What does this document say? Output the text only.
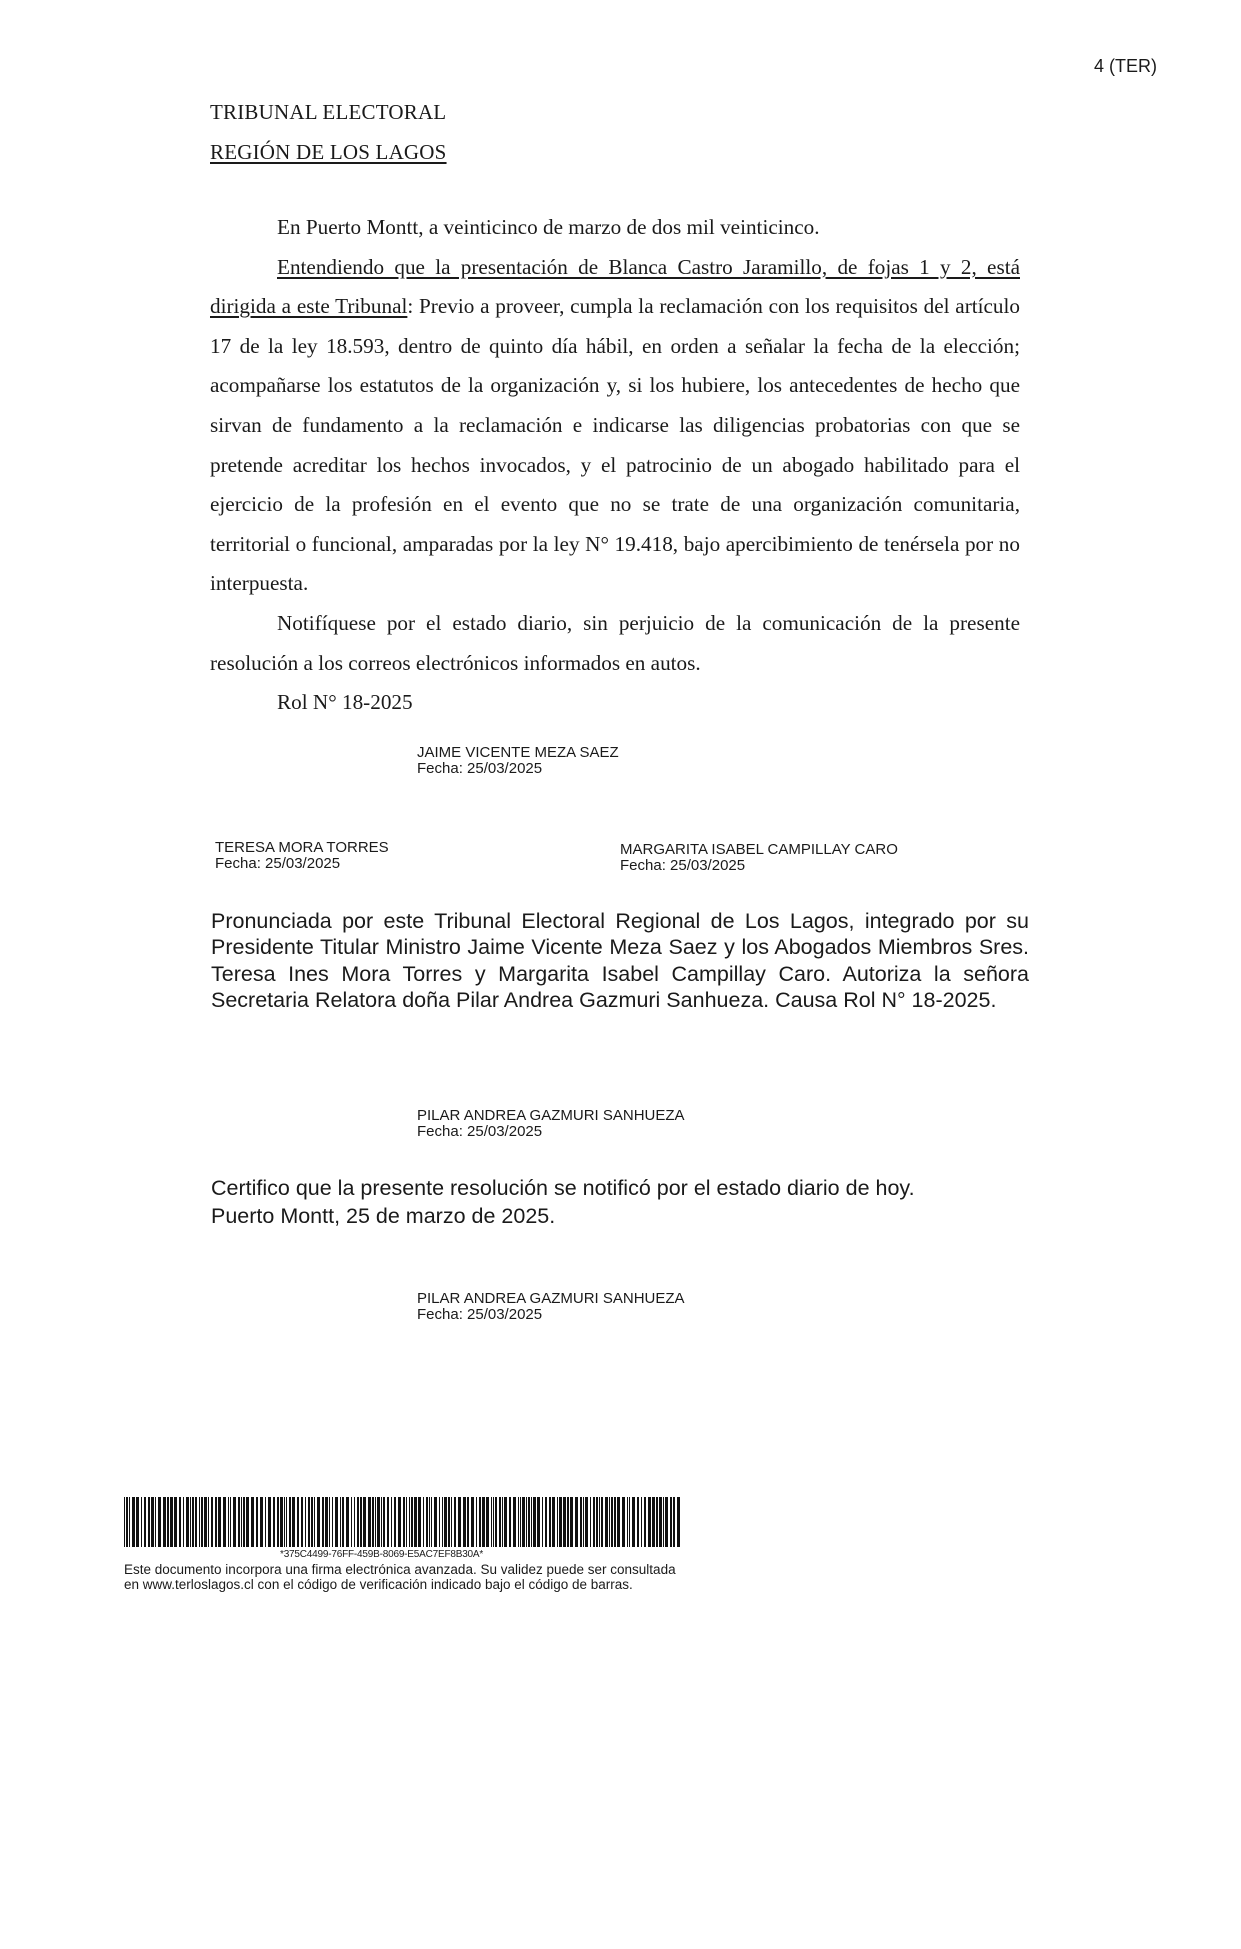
4 (TER)
TRIBUNAL ELECTORAL
REGIÓN DE LOS LAGOS

En Puerto Montt, a veinticinco de marzo de dos mil veinticinco.

Entendiendo que la presentación de Blanca Castro Jaramillo, de fojas 1 y 2, está dirigida a este Tribunal: Previo a proveer, cumpla la reclamación con los requisitos del artículo 17 de la ley 18.593, dentro de quinto día hábil, en orden a señalar la fecha de la elección; acompañarse los estatutos de la organización y, si los hubiere, los antecedentes de hecho que sirvan de fundamento a la reclamación e indicarse las diligencias probatorias con que se pretende acreditar los hechos invocados, y el patrocinio de un abogado habilitado para el ejercicio de la profesión en el evento que no se trate de una organización comunitaria, territorial o funcional, amparadas por la ley N° 19.418, bajo apercibimiento de tenérsela por no interpuesta.

Notifíquese por el estado diario, sin perjuicio de la comunicación de la presente resolución a los correos electrónicos informados en autos.

Rol N° 18-2025

JAIME VICENTE MEZA SAEZ
Fecha: 25/03/2025
TERESA MORA TORRES
Fecha: 25/03/2025
MARGARITA ISABEL CAMPILLAY CARO
Fecha: 25/03/2025
Pronunciada por este Tribunal Electoral Regional de Los Lagos, integrado por su Presidente Titular Ministro Jaime Vicente Meza Saez y los Abogados Miembros Sres. Teresa Ines Mora Torres y Margarita Isabel Campillay Caro. Autoriza la señora Secretaria Relatora doña Pilar Andrea Gazmuri Sanhueza. Causa Rol N° 18-2025.
PILAR ANDREA GAZMURI SANHUEZA
Fecha: 25/03/2025
Certifico que la presente resolución se notificó por el estado diario de hoy.
Puerto Montt, 25 de marzo de 2025.
PILAR ANDREA GAZMURI SANHUEZA
Fecha: 25/03/2025
*375C4499-76FF-459B-8069-E5AC7EF8B30A*
Este documento incorpora una firma electrónica avanzada. Su validez puede ser consultada en www.terloslagos.cl con el código de verificación indicado bajo el código de barras.
